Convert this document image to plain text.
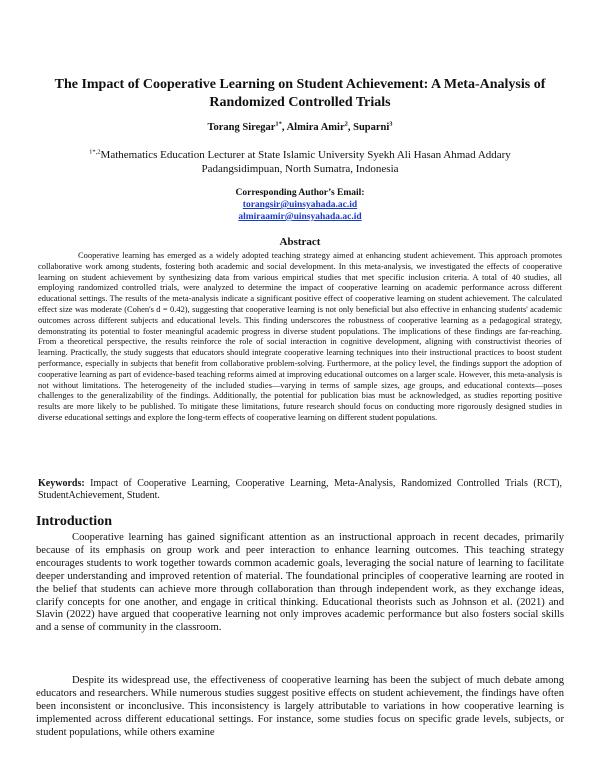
The Impact of Cooperative Learning on Student Achievement: A Meta-Analysis of Randomized Controlled Trials
Torang Siregar$^{1*}$, Almira Amir$^2$, Suparni$^3$
$^{1*,2}$Mathematics Education Lecturer at State Islamic University Syekh Ali Hasan Ahmad Addary Padangsidimpuan, North Sumatra, Indonesia
Corresponding Author’s Email:
torangsir@uinsyahada.ac.id
almiraamir@uinsyahada.ac.id
Abstract

Cooperative learning has emerged as a widely adopted teaching strategy aimed at enhancing student achievement. This approach promotes collaborative work among students, fostering both academic and social development. In this meta-analysis, we investigated the effects of cooperative learning on student achievement by synthesizing data from various empirical studies that met specific inclusion criteria. A total of 40 studies, all employing randomized controlled trials, were analyzed to determine the impact of cooperative learning on academic performance across different educational settings. The results of the meta-analysis indicate a significant positive effect of cooperative learning on student achievement. The calculated effect size was moderate (Cohen's d = 0.42), suggesting that cooperative learning is not only beneficial but also effective in enhancing students' academic outcomes across different subjects and educational levels. This finding underscores the robustness of cooperative learning as a pedagogical strategy, demonstrating its potential to foster meaningful academic progress in diverse student populations. The implications of these findings are far-reaching. From a theoretical perspective, the results reinforce the role of social interaction in cognitive development, aligning with constructivist theories of learning. Practically, the study suggests that educators should integrate cooperative learning techniques into their instructional practices to boost student performance, especially in subjects that benefit from collaborative problem-solving. Furthermore, at the policy level, the findings support the adoption of cooperative learning as part of evidence-based teaching reforms aimed at improving educational outcomes on a larger scale. However, this meta-analysis is not without limitations. The heterogeneity of the included studies—varying in terms of sample sizes, age groups, and educational contexts—poses challenges to the generalizability of the findings. Additionally, the potential for publication bias must be acknowledged, as studies reporting positive results are more likely to be published. To mitigate these limitations, future research should focus on conducting more rigorously designed studies in diverse educational settings and explore the long-term effects of cooperative learning on different student populations.

Keywords: Impact of Cooperative Learning, Cooperative Learning, Meta-Analysis, Randomized Controlled Trials (RCT), StudentAchievement, Student.

Introduction

Cooperative learning has gained significant attention as an instructional approach in recent decades, primarily because of its emphasis on group work and peer interaction to enhance learning outcomes. This teaching strategy encourages students to work together towards common academic goals, leveraging the social nature of learning to facilitate deeper understanding and improved retention of material. The foundational principles of cooperative learning are rooted in the belief that students can achieve more through collaboration than through independent work, as they exchange ideas, clarify concepts for one another, and engage in critical thinking. Educational theorists such as Johnson et al. (2021) and Slavin (2022) have argued that cooperative learning not only improves academic performance but also fosters social skills and a sense of community in the classroom.

Despite its widespread use, the effectiveness of cooperative learning has been the subject of much debate among educators and researchers. While numerous studies suggest positive effects on student achievement, the findings have often been inconsistent or inconclusive. This inconsistency is largely attributable to variations in how cooperative learning is implemented across different educational settings. For instance, some studies focus on specific grade levels, subjects, or student populations, while others examine
